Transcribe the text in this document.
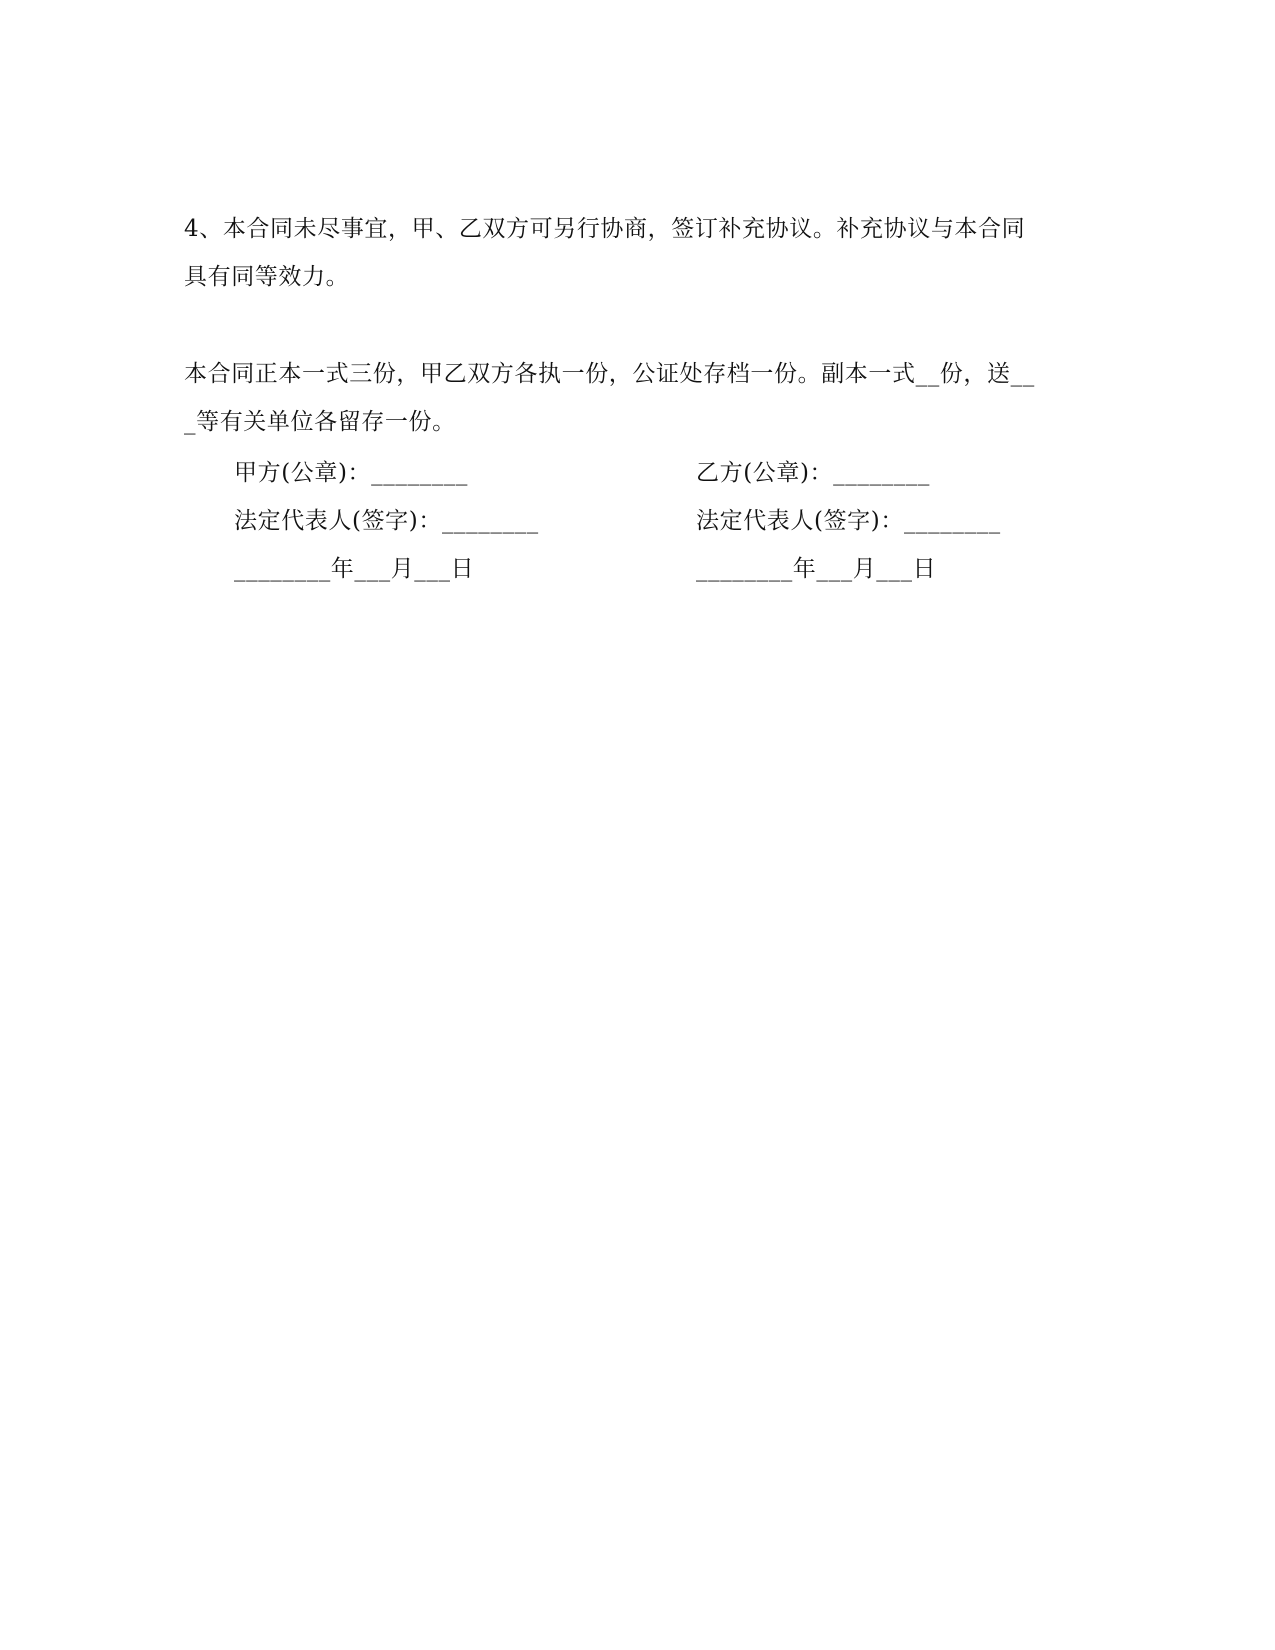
4、本合同未尽事宜，甲、乙双方可另行协商，签订补充协议。补充协议与本合同
具有同等效力。
本合同正本一式三份，甲乙双方各执一份，公证处存档一份。副本一式__份，送__
_等有关单位各留存一份。
甲方(公章)：________	乙方(公章)：________
法定代表人(签字)：________	法定代表人(签字)：________
________年___月___日	________年___月___日
